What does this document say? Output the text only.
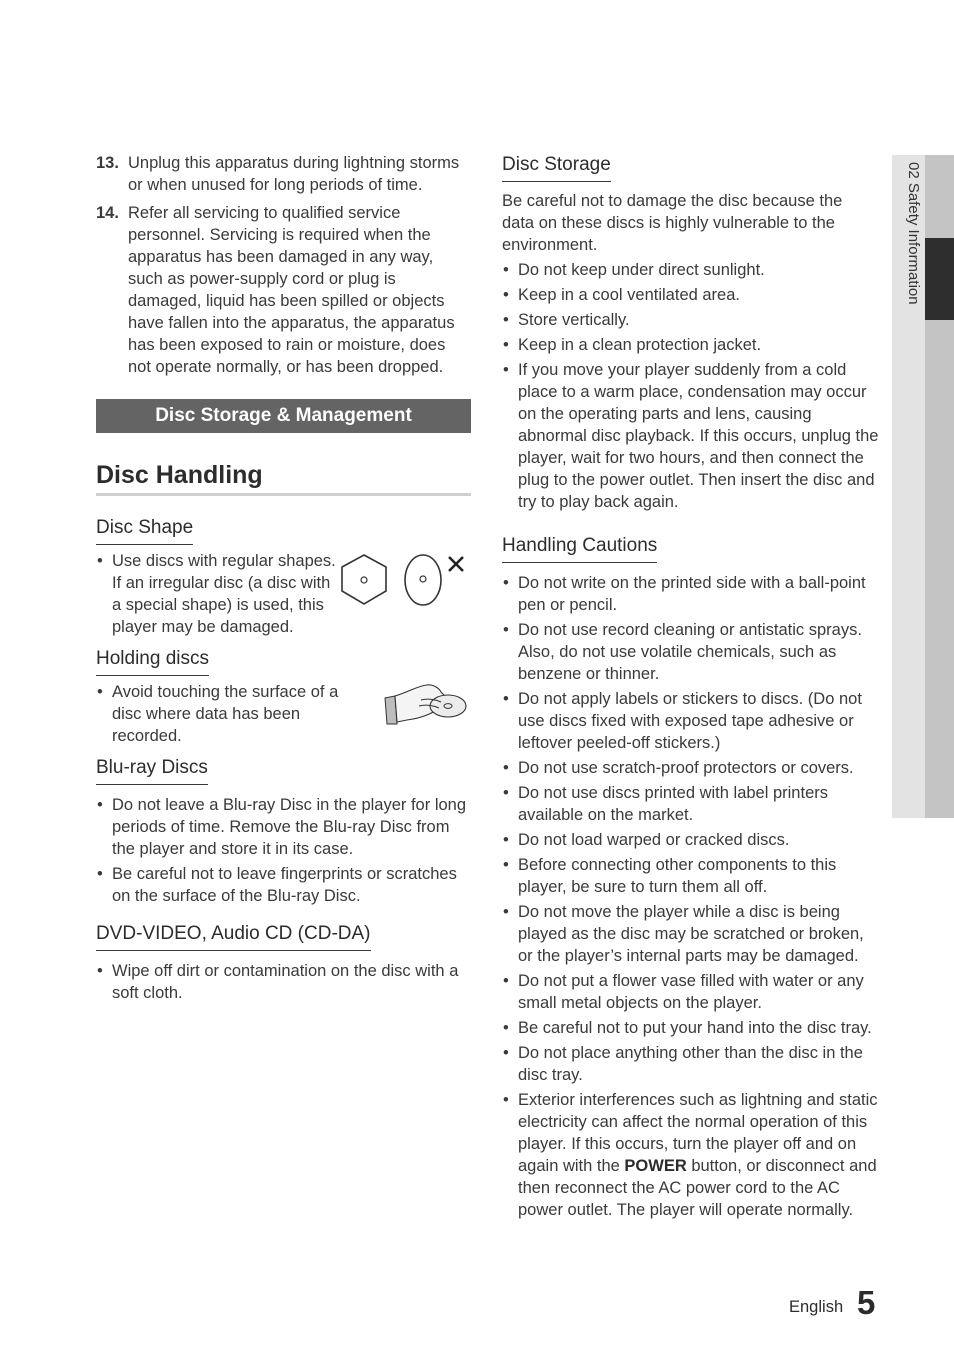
13. Unplug this apparatus during lightning storms or when unused for long periods of time.
14. Refer all servicing to qualified service personnel. Servicing is required when the apparatus has been damaged in any way, such as power-supply cord or plug is damaged, liquid has been spilled or objects have fallen into the apparatus, the apparatus has been exposed to rain or moisture, does not operate normally, or has been dropped.
Disc Storage & Management
Disc Handling
Disc Shape
• Use discs with regular shapes. If an irregular disc (a disc with a special shape) is used, this player may be damaged.
Holding discs
• Avoid touching the surface of a disc where data has been recorded.
Blu-ray Discs
• Do not leave a Blu-ray Disc in the player for long periods of time. Remove the Blu-ray Disc from the player and store it in its case.
• Be careful not to leave fingerprints or scratches on the surface of the Blu-ray Disc.
DVD-VIDEO, Audio CD (CD-DA)
• Wipe off dirt or contamination on the disc with a soft cloth.
Disc Storage

Be careful not to damage the disc because the data on these discs is highly vulnerable to the environment.

• Do not keep under direct sunlight.
• Keep in a cool ventilated area.
• Store vertically.
• Keep in a clean protection jacket.
• If you move your player suddenly from a cold place to a warm place, condensation may occur on the operating parts and lens, causing abnormal disc playback. If this occurs, unplug the player, wait for two hours, and then connect the plug to the power outlet. Then insert the disc and try to play back again.
Handling Cautions
• Do not write on the printed side with a ball-point pen or pencil.
• Do not use record cleaning or antistatic sprays. Also, do not use volatile chemicals, such as benzene or thinner.
• Do not apply labels or stickers to discs. (Do not use discs fixed with exposed tape adhesive or leftover peeled-off stickers.)
• Do not use scratch-proof protectors or covers.
• Do not use discs printed with label printers available on the market.
• Do not load warped or cracked discs.
• Before connecting other components to this player, be sure to turn them all off.
• Do not move the player while a disc is being played as the disc may be scratched or broken, or the player’s internal parts may be damaged.
• Do not put a flower vase filled with water or any small metal objects on the player.
• Be careful not to put your hand into the disc tray.
• Do not place anything other than the disc in the disc tray.
• Exterior interferences such as lightning and static electricity can affect the normal operation of this player. If this occurs, turn the player off and on again with the POWER button, or disconnect and then reconnect the AC power cord to the AC power outlet. The player will operate normally.
02 Safety Information
English 5
